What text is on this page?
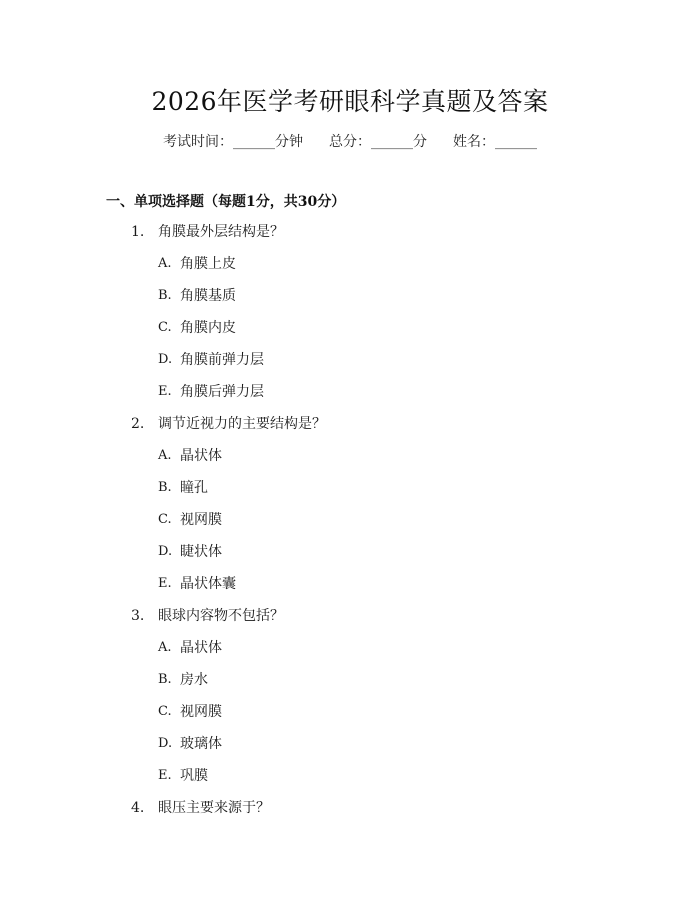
2026年医学考研眼科学真题及答案
考试时间：______分钟 总分：______分 姓名：______
一、单项选择题（每题1分，共30分）
1. 角膜最外层结构是？
A. 角膜上皮
B. 角膜基质
C. 角膜内皮
D. 角膜前弹力层
E. 角膜后弹力层
2. 调节近视力的主要结构是？
A. 晶状体
B. 瞳孔
C. 视网膜
D. 睫状体
E. 晶状体囊
3. 眼球内容物不包括？
A. 晶状体
B. 房水
C. 视网膜
D. 玻璃体
E. 巩膜
4. 眼压主要来源于？
